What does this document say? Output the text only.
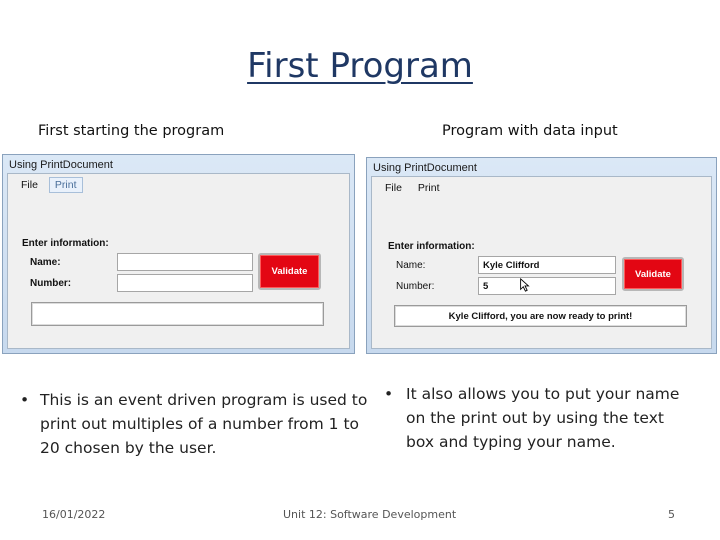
First Program
First starting the program	Program with data input
Using PrintDocument
File	Print
Enter information:
Name:
Number:
Validate
Using PrintDocument
File	Print
Enter information:
Name:
Number:
Kyle Clifford
5
Validate
Kyle Clifford, you are now ready to print!
• This is an event driven program is used to print out multiples of a number from 1 to 20 chosen by the user.
• It also allows you to put your name on the print out by using the text box and typing your name.
16/01/2022	Unit 12: Software Development	5
